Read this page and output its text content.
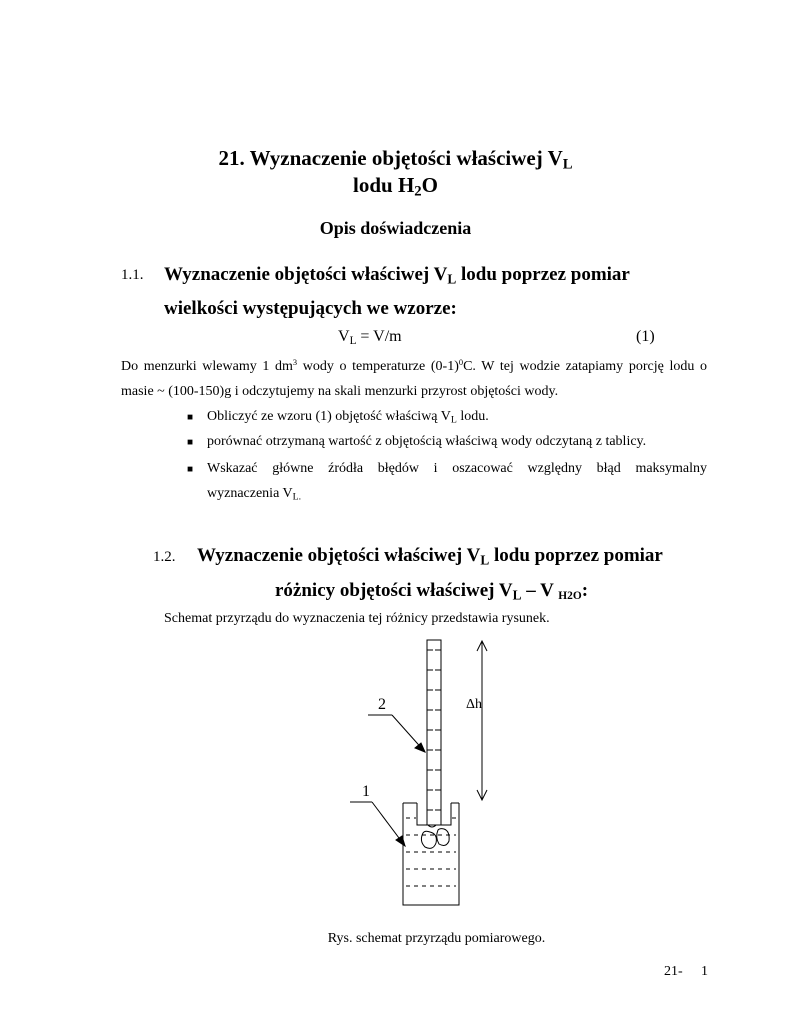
21. Wyznaczenie objętości właściwej $V_L$
lodu $H_2O$
Opis doświadczenia
1.1. Wyznaczenie objętości właściwej $V_L$ lodu poprzez pomiar
wielkości występujących we wzorze:
$V_L = V/m$	(1)
Do menzurki wlewamy 1 $dm^3$ wody o temperaturze $(0-1)^0C$. W tej wodzie zatapiamy porcję lodu o
masie ~ (100-150)g i odczytujemy na skali menzurki przyrost objętości wody.
■ Obliczyć ze wzoru (1) objętość właściwą $V_L$ lodu.
■ porównać otrzymaną wartość z objętością właściwą wody odczytaną z tablicy.
■ Wskazać główne źródła błędów i oszacować względny błąd maksymalny
wyznaczenia $V_{L.}$
1.2. Wyznaczenie objętości właściwej $V_L$ lodu poprzez pomiar
różnicy objętości właściwej $V_L$ – V $_{H2O}$:
Schemat przyrządu do wyznaczenia tej różnicy przedstawia rysunek.
2
1
Δh
Rys. schemat przyrządu pomiarowego.
21- 1
